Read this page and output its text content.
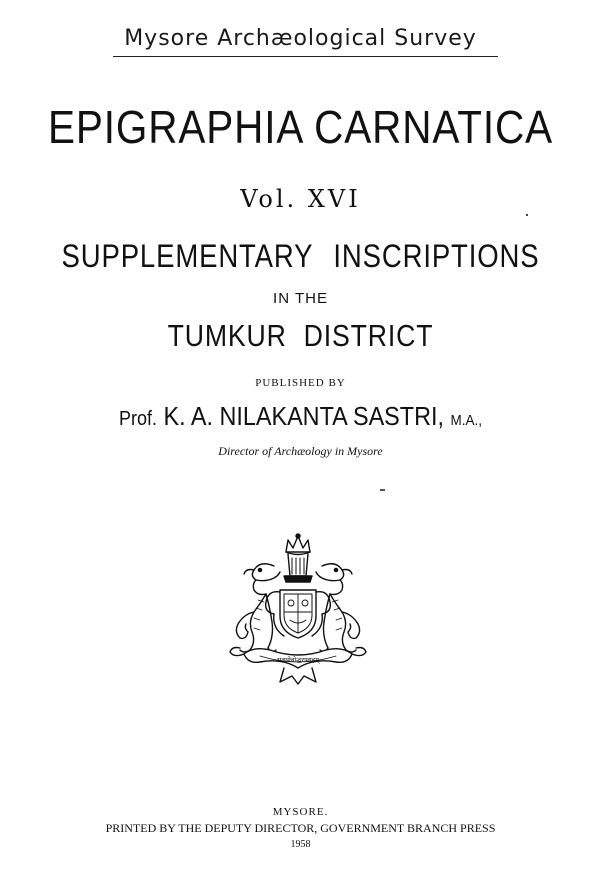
Mysore Archæological Survey
EPIGRAPHIA CARNATICA
Vol. XVI
SUPPLEMENTARY INSCRIPTIONS
IN THE
TUMKUR DISTRICT
PUBLISHED BY
Prof. K. A. NILAKANTA SASTRI, M.A.,
Director of Archæology in Mysore
सत्यमेवोद्धराम्यहम्
MYSORE.
PRINTED BY THE DEPUTY DIRECTOR, GOVERNMENT BRANCH PRESS
1958
